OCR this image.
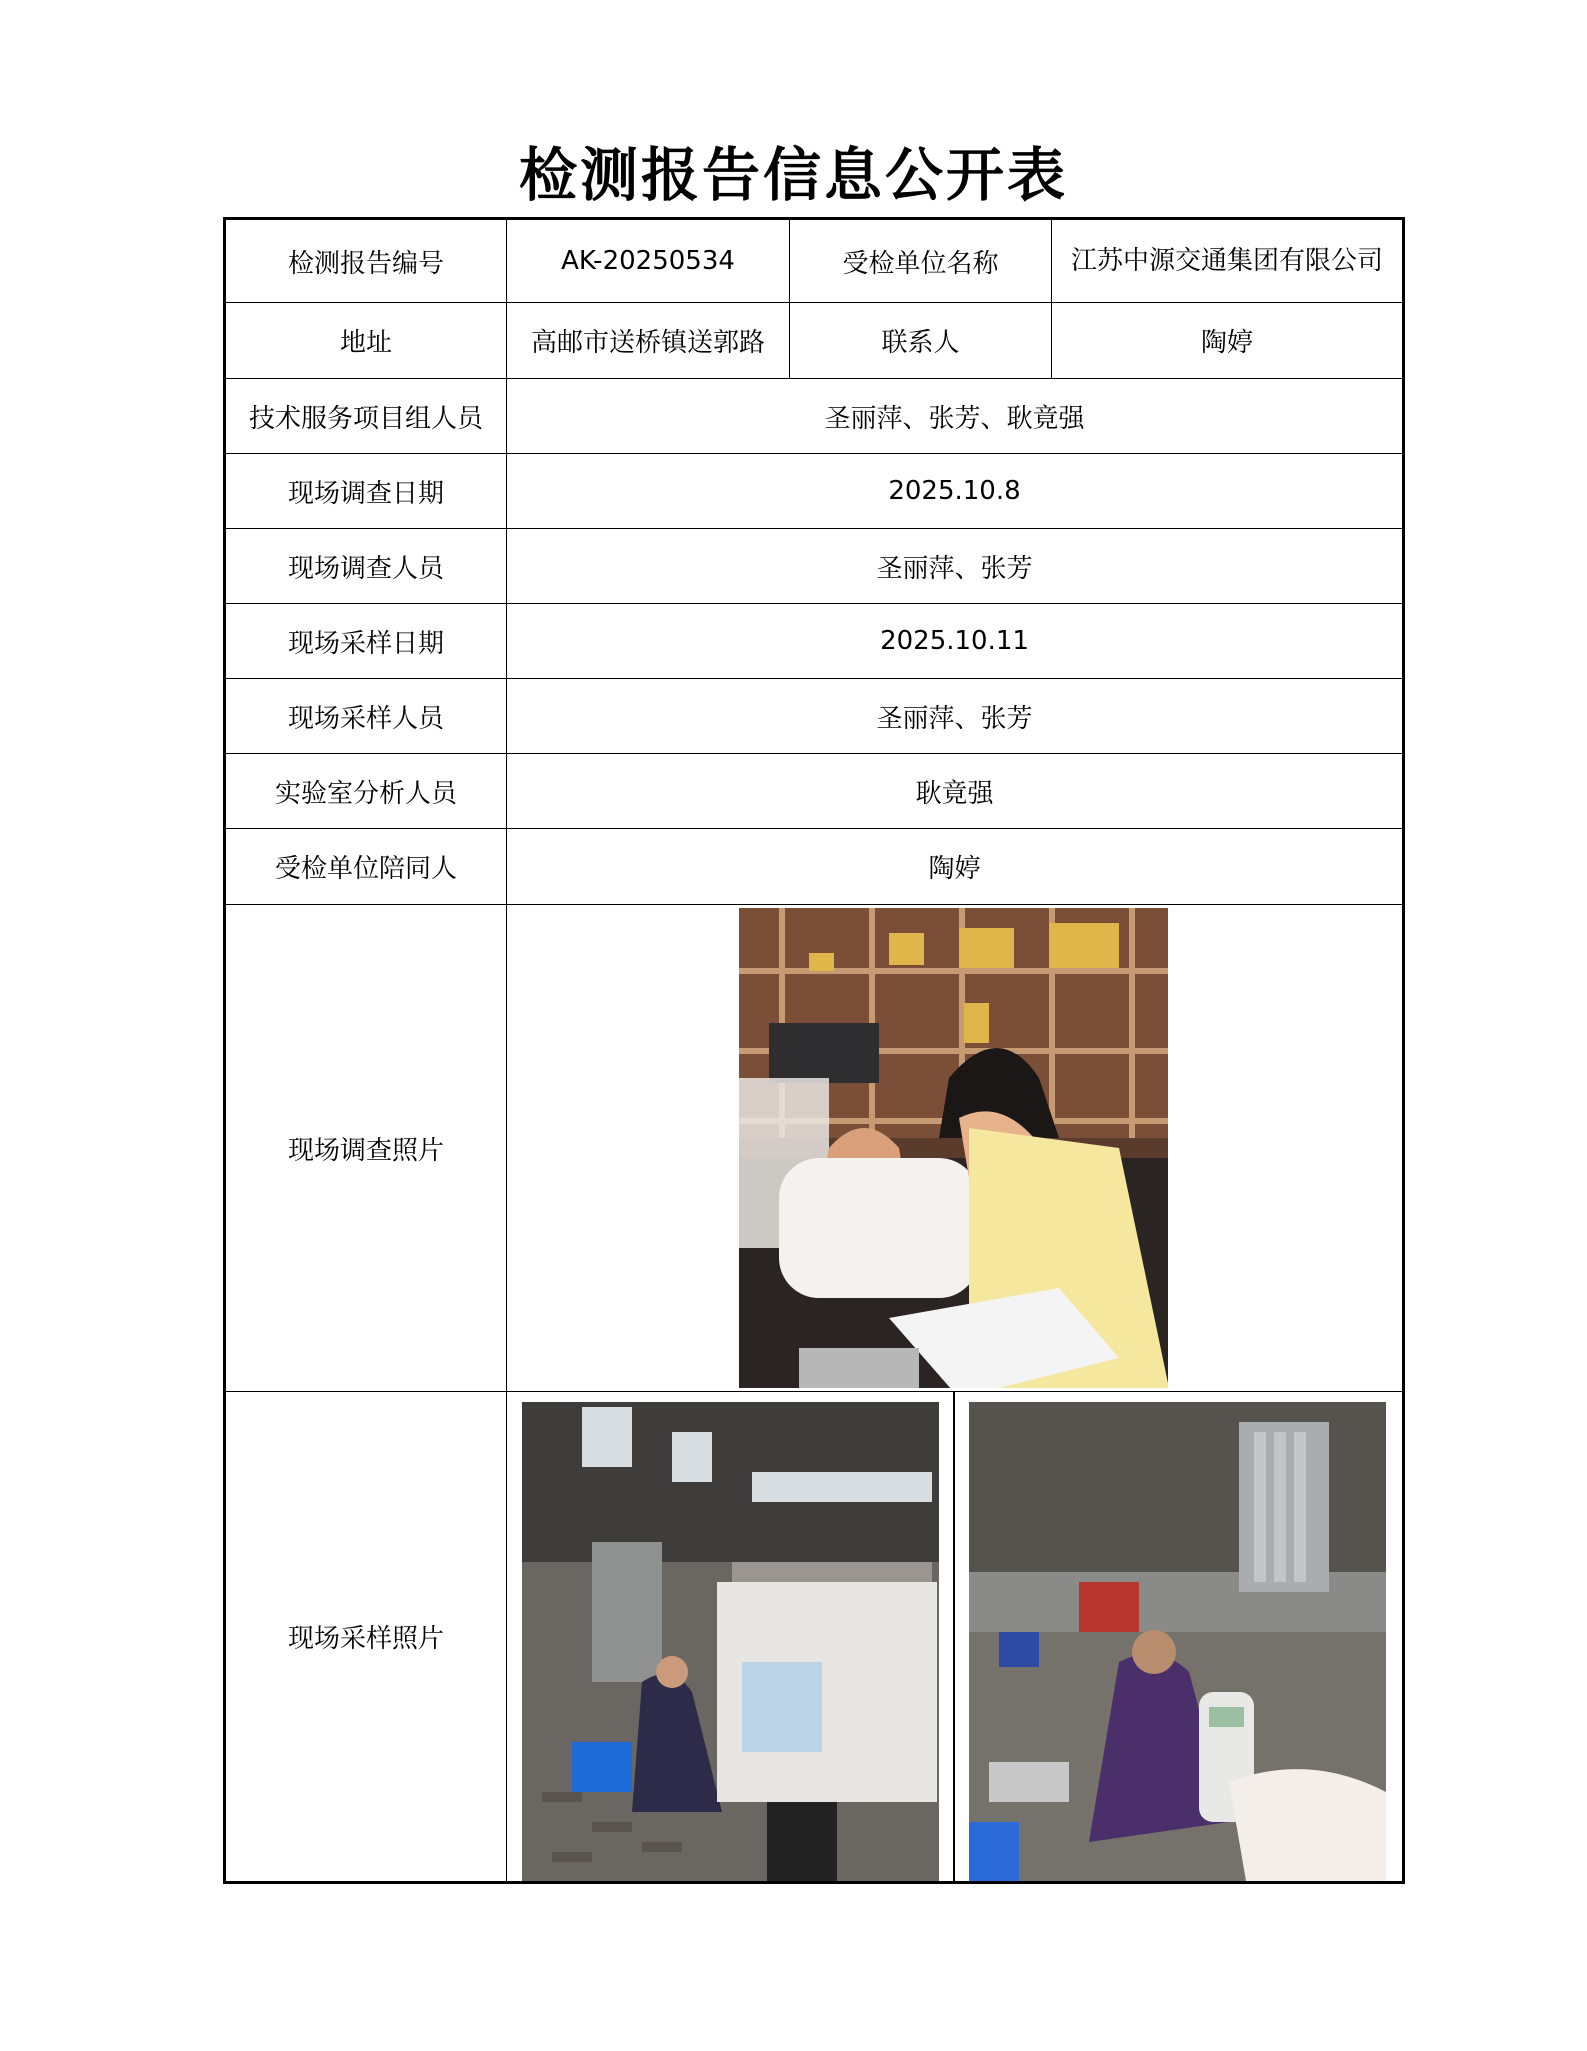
检测报告信息公开表
检测报告编号	AK-20250534	受检单位名称	江苏中源交通集团有限公司
地址	高邮市送桥镇送郭路	联系人	陶婷
技术服务项目组人员	圣丽萍、张芳、耿竟强		
现场调查日期	2025.10.8		
现场调查人员	圣丽萍、张芳		
现场采样日期	2025.10.11		
现场采样人员	圣丽萍、张芳		
实验室分析人员	耿竟强		
受检单位陪同人	陶婷		
现场调查照片	

现场采样照片	
